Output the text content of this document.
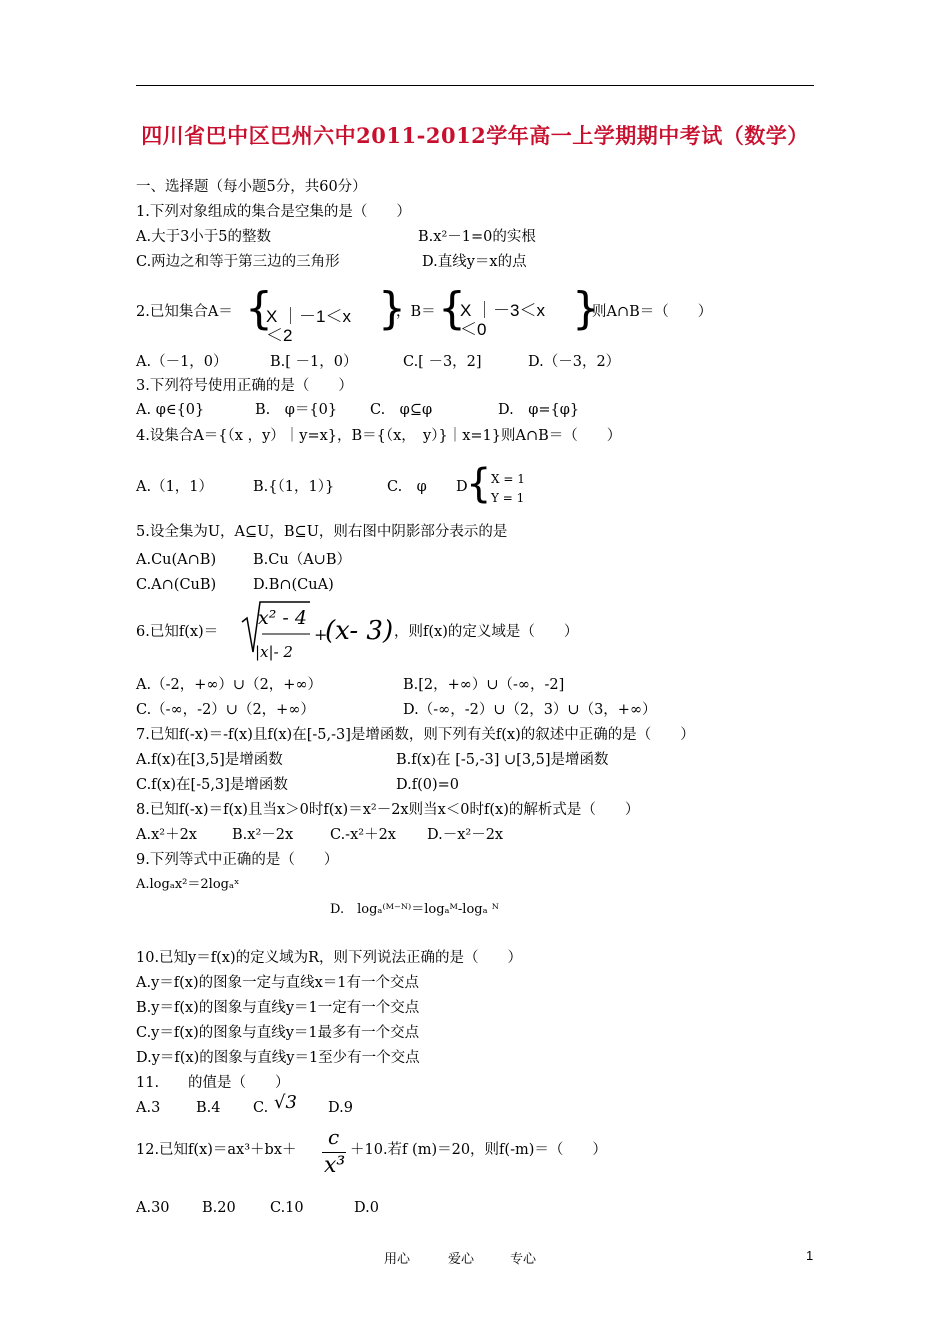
四川省巴中区巴州六中2011-2012学年高一上学期期中考试（数学）
一、选择题（每小题5分，共60分）
1.下列对象组成的集合是空集的是（　　）
A.大于3小于5的整数	B.x²－1=0的实根
C.两边之和等于第三边的三角形	D.直线y＝x的点
2.已知集合A＝ {
X ｜－1＜x
＜2
}
，B＝ {
X ｜－3＜x
＜0 }
则A∩B＝（　　）
A.（－1，0）	B.[ －1，0）	C.[ －3，2]	D.（－3，2）
3.下列符号使用正确的是（　　）
A. φ∈{0}	B.　φ＝{0} C.　φ⊆φ	D.　φ={φ}
4.设集合A＝{（x ，y）｜y=x}，B＝{（x，　y）}｜x=1}则A∩B＝（　　）
A.（1，1）	B.{（1，1）}	C.　φ D
{ X = 1
Y = 1
5.设全集为U，A⊆U，B⊆U，则右图中阴影部分表示的是
A.Cu(A∩B)	B.Cu（A∪B）
C.A∩(CuB)	D.B∩(CuA)
6.已知f(x)＝
x² - 4
|x|- 2
+
(x- 3) ，则f(x)的定义域是（　　）
A.（-2，+∞）∪（2，+∞）	B.[2，+∞）∪（-∞，-2]
C.（-∞，-2）∪（2，+∞）	D.（-∞，-2）∪（2，3）∪（3，+∞）
7.已知f(-x)＝-f(x)且f(x)在[-5,-3]是增函数，则下列有关f(x)的叙述中正确的是（　　）
A.f(x)在[3,5]是增函数	B.f(x)在 [-5,-3] ∪[3,5]是增函数
C.f(x)在[-5,3]是增函数	D.f(0)=0
8.已知f(-x)＝f(x)且当x＞0时f(x)＝x²－2x则当x＜0时f(x)的解析式是（　　）
A.x²＋2x B.x²－2x	C.-x²＋2x D.－x²－2x
9.下列等式中正确的是（　　）
A.logₐx²＝2logₐˣ
D.　logₐ⁽ᴹ⁻ᴺ⁾＝logₐᴹ-logₐ ᴺ
10.已知y＝f(x)的定义域为R，则下列说法正确的是（　　）
A.y＝f(x)的图象一定与直线x＝1有一个交点
B.y＝f(x)的图象与直线y＝1一定有一个交点
C.y＝f(x)的图象与直线y＝1最多有一个交点
D.y＝f(x)的图象与直线y＝1至少有一个交点
11.　　的值是（　　）
A.3 B.4 C. √3 D.9
12.已知f(x)＝ax³＋bx＋
c
x³
＋10.若f (m)＝20，则f(-m)＝（　　）
A.30 B.20 C.10	D.0
用心	爱心	专心	1
